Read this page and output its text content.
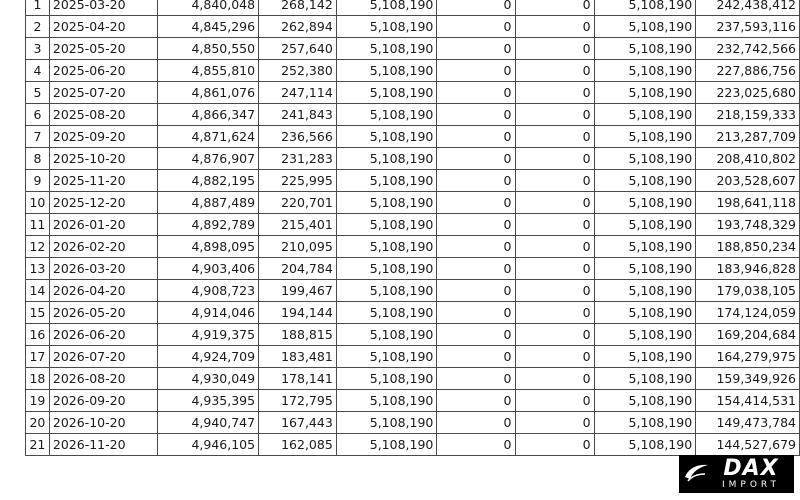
1	2025-03-20	4,840,048	268,142	5,108,190	0	0	5,108,190	242,438,412
2	2025-04-20	4,845,296	262,894	5,108,190	0	0	5,108,190	237,593,116
3	2025-05-20	4,850,550	257,640	5,108,190	0	0	5,108,190	232,742,566
4	2025-06-20	4,855,810	252,380	5,108,190	0	0	5,108,190	227,886,756
5	2025-07-20	4,861,076	247,114	5,108,190	0	0	5,108,190	223,025,680
6	2025-08-20	4,866,347	241,843	5,108,190	0	0	5,108,190	218,159,333
7	2025-09-20	4,871,624	236,566	5,108,190	0	0	5,108,190	213,287,709
8	2025-10-20	4,876,907	231,283	5,108,190	0	0	5,108,190	208,410,802
9	2025-11-20	4,882,195	225,995	5,108,190	0	0	5,108,190	203,528,607
10	2025-12-20	4,887,489	220,701	5,108,190	0	0	5,108,190	198,641,118
11	2026-01-20	4,892,789	215,401	5,108,190	0	0	5,108,190	193,748,329
12	2026-02-20	4,898,095	210,095	5,108,190	0	0	5,108,190	188,850,234
13	2026-03-20	4,903,406	204,784	5,108,190	0	0	5,108,190	183,946,828
14	2026-04-20	4,908,723	199,467	5,108,190	0	0	5,108,190	179,038,105
15	2026-05-20	4,914,046	194,144	5,108,190	0	0	5,108,190	174,124,059
16	2026-06-20	4,919,375	188,815	5,108,190	0	0	5,108,190	169,204,684
17	2026-07-20	4,924,709	183,481	5,108,190	0	0	5,108,190	164,279,975
18	2026-08-20	4,930,049	178,141	5,108,190	0	0	5,108,190	159,349,926
19	2026-09-20	4,935,395	172,795	5,108,190	0	0	5,108,190	154,414,531
20	2026-10-20	4,940,747	167,443	5,108,190	0	0	5,108,190	149,473,784
21	2026-11-20	4,946,105	162,085	5,108,190	0	0	5,108,190	144,527,679
DAX
IMPORT
